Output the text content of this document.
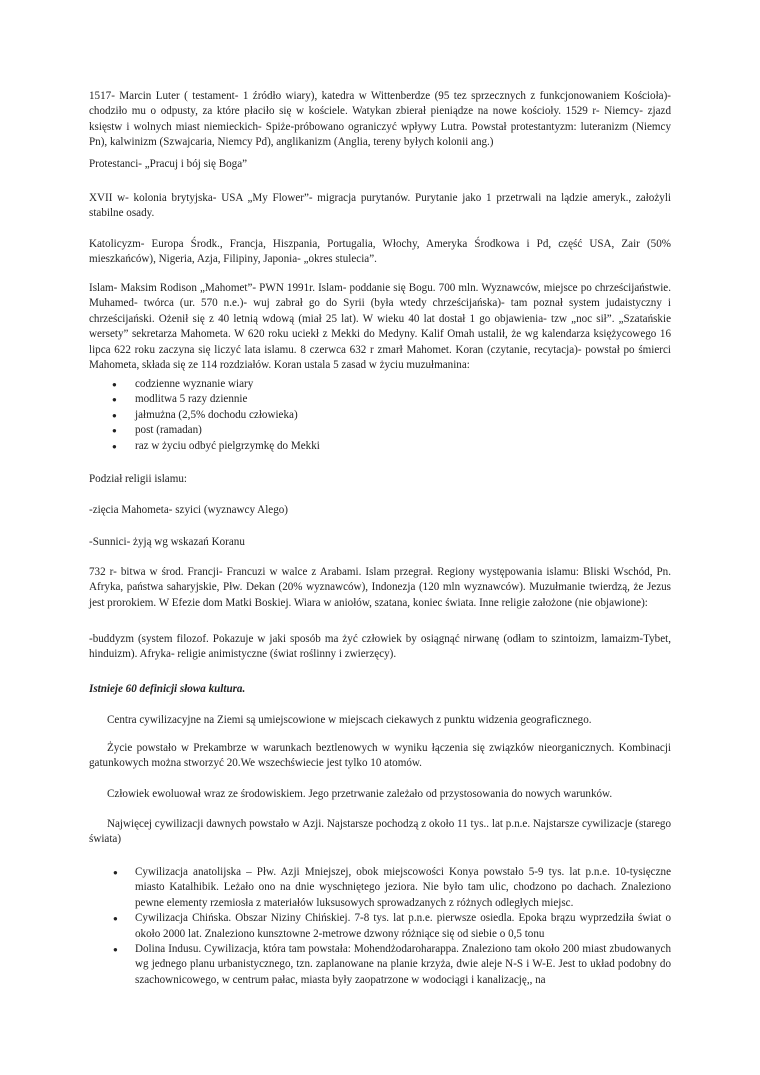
1517- Marcin Luter ( testament- 1 źródło wiary), katedra w Wittenberdze (95 tez sprzecznych z funkcjonowaniem Kościoła)- chodziło mu o odpusty, za które płaciło się w kościele. Watykan zbierał pieniądze na nowe kościoły. 1529 r- Niemcy- zjazd księstw i wolnych miast niemieckich- Spiże-próbowano ograniczyć wpływy Lutra. Powstał protestantyzm: luteranizm (Niemcy Pn), kalwinizm (Szwajcaria, Niemcy Pd), anglikanizm (Anglia, tereny byłych kolonii ang.)

Protestanci- „Pracuj i bój się Boga”

XVII w- kolonia brytyjska- USA „My Flower”- migracja purytanów. Purytanie jako 1 przetrwali na lądzie ameryk., założyli stabilne osady.

Katolicyzm- Europa Środk., Francja, Hiszpania, Portugalia, Włochy, Ameryka Środkowa i Pd, część USA, Zair (50% mieszkańców), Nigeria, Azja, Filipiny, Japonia- „okres stulecia”.

Islam- Maksim Rodison „Mahomet”- PWN 1991r. Islam- poddanie się Bogu. 700 mln. Wyznawców, miejsce po chrześcijaństwie. Muhamed- twórca (ur. 570 n.e.)- wuj zabrał go do Syrii (była wtedy chrześcijańska)- tam poznał system judaistyczny i chrześcijański. Ożenił się z 40 letnią wdową (miał 25 lat). W wieku 40 lat dostał 1 go objawienia- tzw „noc sił”. „Szatańskie wersety” sekretarza Mahometa. W 620 roku uciekł z Mekki do Medyny. Kalif Omah ustalił, że wg kalendarza księżycowego 16 lipca 622 roku zaczyna się liczyć lata islamu. 8 czerwca 632 r zmarł Mahomet. Koran (czytanie, recytacja)- powstał po śmierci Mahometa, składa się ze 114 rozdziałów. Koran ustala 5 zasad w życiu muzułmanina:

● codzienne wyznanie wiary
● modlitwa 5 razy dziennie
● jałmużna (2,5% dochodu człowieka)
● post (ramadan)
● raz w życiu odbyć pielgrzymkę do Mekki

Podział religii islamu:

-zięcia Mahometa- szyici (wyznawcy Alego)

-Sunnici- żyją wg wskazań Koranu

732 r- bitwa w środ. Francji- Francuzi w walce z Arabami. Islam przegrał. Regiony występowania islamu: Bliski Wschód, Pn. Afryka, państwa saharyjskie, Płw. Dekan (20% wyznawców), Indonezja (120 mln wyznawców). Muzułmanie twierdzą, że Jezus jest prorokiem. W Efezie dom Matki Boskiej. Wiara w aniołów, szatana, koniec świata. Inne religie założone (nie objawione):

-buddyzm (system filozof. Pokazuje w jaki sposób ma żyć człowiek by osiągnąć nirwanę (odłam to szintoizm, lamaizm-Tybet, hinduizm). Afryka- religie animistyczne (świat roślinny i zwierzęcy).

Istnieje 60 definicji słowa kultura.

Centra cywilizacyjne na Ziemi są umiejscowione w miejscach ciekawych z punktu widzenia geograficznego.

Życie powstało w Prekambrze w warunkach beztlenowych w wyniku łączenia się związków nieorganicznych. Kombinacji gatunkowych można stworzyć 20.We wszechświecie jest tylko 10 atomów.

Człowiek ewoluował wraz ze środowiskiem. Jego przetrwanie zależało od przystosowania do nowych warunków.

Najwięcej cywilizacji dawnych powstało w Azji. Najstarsze pochodzą z około 11 tys.. lat p.n.e. Najstarsze cywilizacje (starego świata)

● Cywilizacja anatolijska – Płw. Azji Mniejszej, obok miejscowości Konya powstało 5-9 tys. lat p.n.e. 10-tysięczne miasto Katalhibik. Leżało ono na dnie wyschniętego jeziora. Nie było tam ulic, chodzono po dachach. Znaleziono pewne elementy rzemiosła z materiałów luksusowych sprowadzanych z różnych odległych miejsc.
● Cywilizacja Chińska. Obszar Niziny Chińskiej. 7-8 tys. lat p.n.e. pierwsze osiedla. Epoka brązu wyprzedziła świat o około 2000 lat. Znaleziono kunsztowne 2-metrowe dzwony różniące się od siebie o 0,5 tonu
● Dolina Indusu. Cywilizacja, która tam powstała: Mohendżodaroharappa. Znaleziono tam około 200 miast zbudowanych wg jednego planu urbanistycznego, tzn. zaplanowane na planie krzyża, dwie aleje N-S i W-E. Jest to układ podobny do szachownicowego, w centrum pałac, miasta były zaopatrzone w wodociągi i kanalizację,, na
